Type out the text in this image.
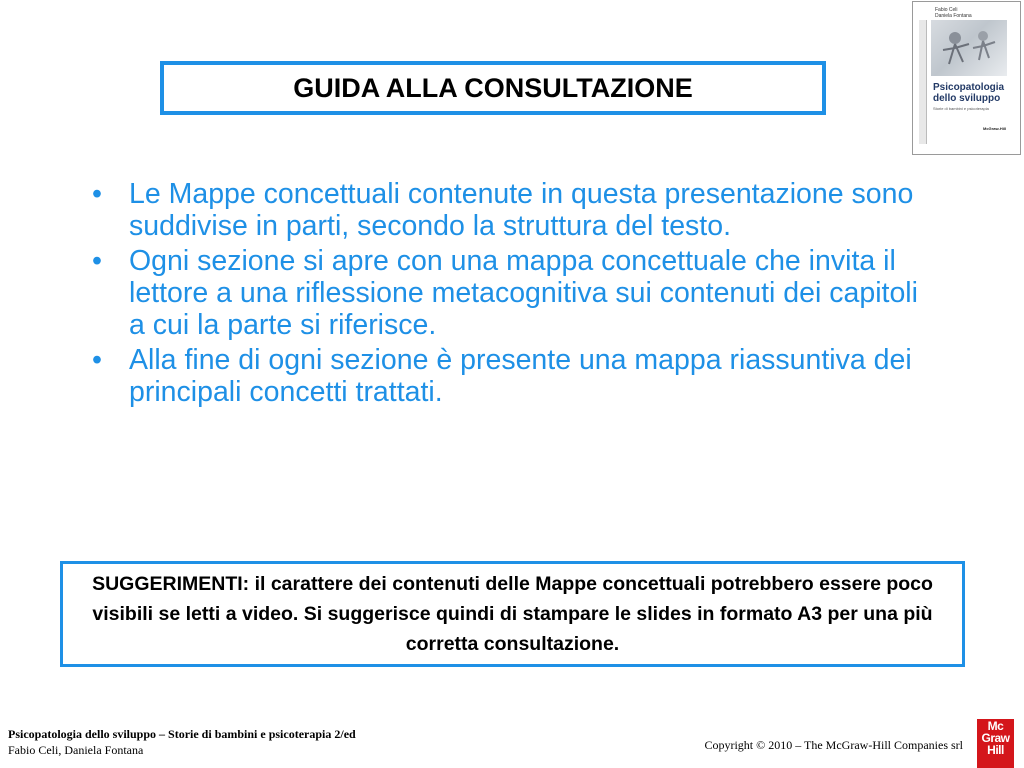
GUIDA ALLA CONSULTAZIONE
Fabio Celi
Daniela Fontana
Psicopatologia
dello sviluppo
Storie di bambini e psicoterapia
McGraw-Hill
• Le Mappe concettuali contenute in questa presentazione sono suddivise in parti, secondo la struttura del testo.
• Ogni sezione si apre con una mappa concettuale che invita il lettore a una riflessione metacognitiva sui contenuti dei capitoli a cui la parte si riferisce.
• Alla fine di ogni sezione è presente una mappa riassuntiva dei principali concetti trattati.
SUGGERIMENTI: il carattere dei contenuti delle Mappe concettuali potrebbero essere poco visibili se letti a video. Si suggerisce quindi di stampare le slides in formato A3 per una più corretta consultazione.
Psicopatologia dello sviluppo – Storie di bambini e psicoterapia 2/ed
Fabio Celi, Daniela Fontana	Copyright © 2010 – The McGraw-Hill Companies srl
Mc
Graw
Hill
